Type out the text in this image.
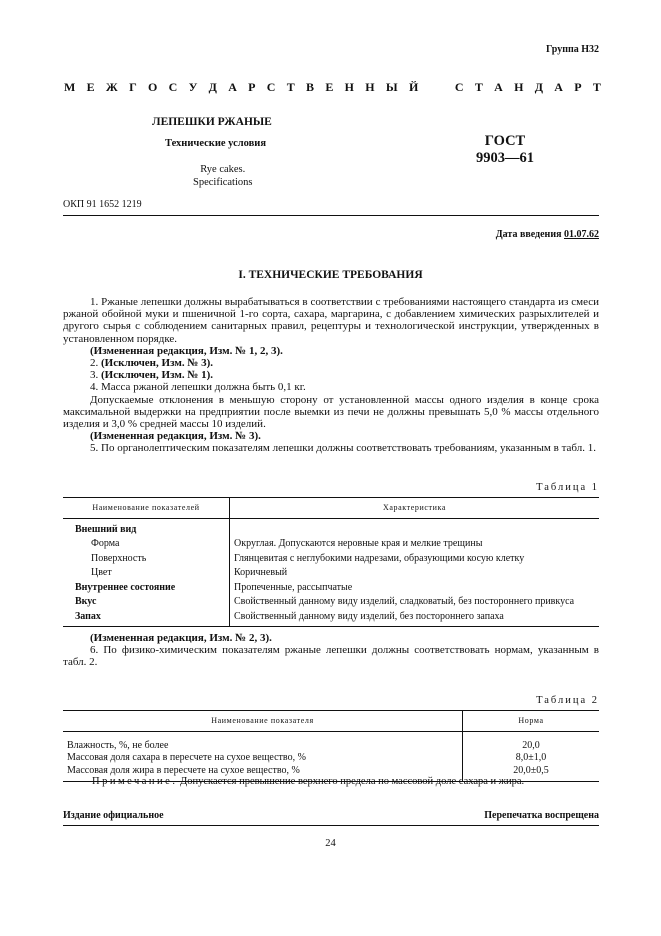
Группа Н32
М Е Ж Г О С У Д А Р С Т В Е Н Н Ы Й	С Т А Н Д А Р Т
ЛЕПЕШКИ РЖАНЫЕ
Технические условия
Rye cakes.
Specifications
ГОСТ
9903—61
ОКП 91 1652 1219
Дата введения 01.07.62
I. ТЕХНИЧЕСКИЕ ТРЕБОВАНИЯ
1. Ржаные лепешки должны вырабатываться в соответствии с требованиями настоящего стандарта из смеси ржаной обойной муки и пшеничной 1-го сорта, сахара, маргарина, с добавлением химических разрыхлителей и другого сырья с соблюдением санитарных правил, рецептуры и технологической инструкции, утвержденных в установленном порядке.
(Измененная редакция, Изм. № 1, 2, 3).
2. (Исключен, Изм. № 3).
3. (Исключен, Изм. № 1).
4. Масса ржаной лепешки должна быть 0,1 кг.
Допускаемые отклонения в меньшую сторону от установленной массы одного изделия в конце срока максимальной выдержки на предприятии после выемки из печи не должны превышать 5,0 % массы отдельного изделия и 3,0 % средней массы 10 изделий.
(Измененная редакция, Изм. № 3).
5. По органолептическим показателям лепешки должны соответствовать требованиям, указанным в табл. 1.
Таблица 1
Наименование показателей	Характеристика
Внешний вид	
Форма	Округлая. Допускаются неровные края и мелкие трещины
Поверхность	Глянцевитая с неглубокими надрезами, образующими косую клетку
Цвет	Коричневый
Внутреннее состояние	Пропеченные, рассыпчатые
Вкус	Свойственный данному виду изделий, сладковатый, без постороннего привкуса
Запах	Свойственный данному виду изделий, без постороннего запаха
(Измененная редакция, Изм. № 2, 3).
6. По физико-химическим показателям ржаные лепешки должны соответствовать нормам, указанным в табл. 2.
Таблица 2
Наименование показателя	Норма
Влажность, %, не более	20,0
Массовая доля сахара в пересчете на сухое вещество, %	8,0±1,0
Массовая доля жира в пересчете на сухое вещество, %	20,0±0,5
Примечание. Допускается превышение верхнего предела по массовой доле сахара и жира.
Издание официальное	Перепечатка воспрещена
24
